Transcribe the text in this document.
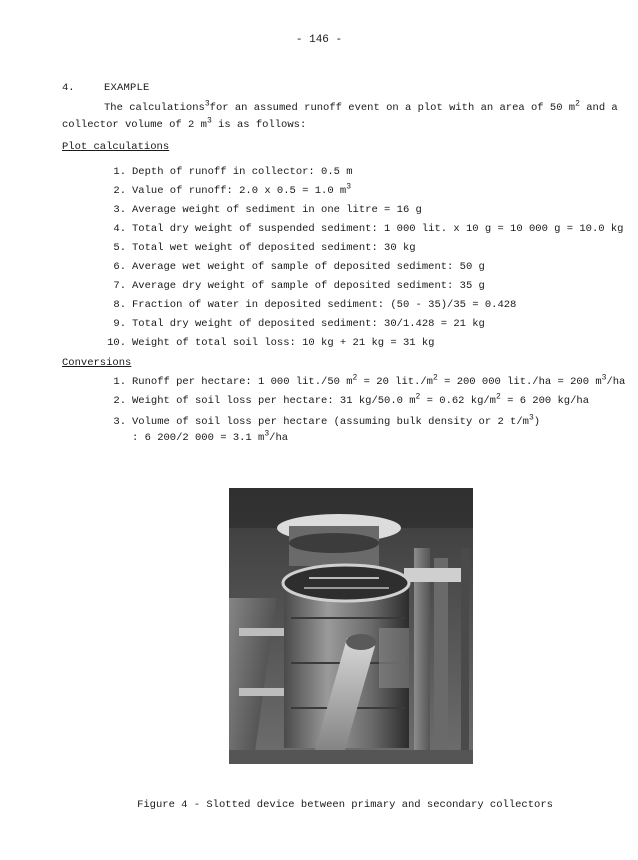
- 146 -
4.	EXAMPLE
The calculations$^3$for an assumed runoff event on a plot with an area of 50 $m^2$ and a
collector volume of 2 $m^3$ is as follows:
Plot calculations
1. Depth of runoff in collector: 0.5 m
2. Value of runoff: 2.0 x 0.5 = 1.0 $m^3$
3. Average weight of sediment in one litre = 16 g
4. Total dry weight of suspended sediment: 1 000 lit. x 10 g = 10 000 g = 10.0 kg
5. Total wet weight of deposited sediment: 30 kg
6. Average wet weight of sample of deposited sediment: 50 g
7. Average dry weight of sample of deposited sediment: 35 g
8. Fraction of water in deposited sediment: (50 - 35)/35 = 0.428
9. Total dry weight of deposited sediment: 30/1.428 = 21 kg
10. Weight of total soil loss: 10 kg + 21 kg = 31 kg
Conversions
1. Runoff per hectare: 1 000 lit./50 $m^2 = 20$ $lit./m^2 = 200$ 000 lit./ha = 200 $m^3/ha$
2. Weight of soil loss per hectare: 31 kg/50.0 $m^2 = 0.62$ $kg/m^2 = 6$ 200 kg/ha
3. Volume of soil loss per hectare (assuming bulk density or 2 $t/m^3$)
: 6 200/2 000 = 3.1 $m^3/ha$
Figure 4 - Slotted device between primary and secondary collectors
